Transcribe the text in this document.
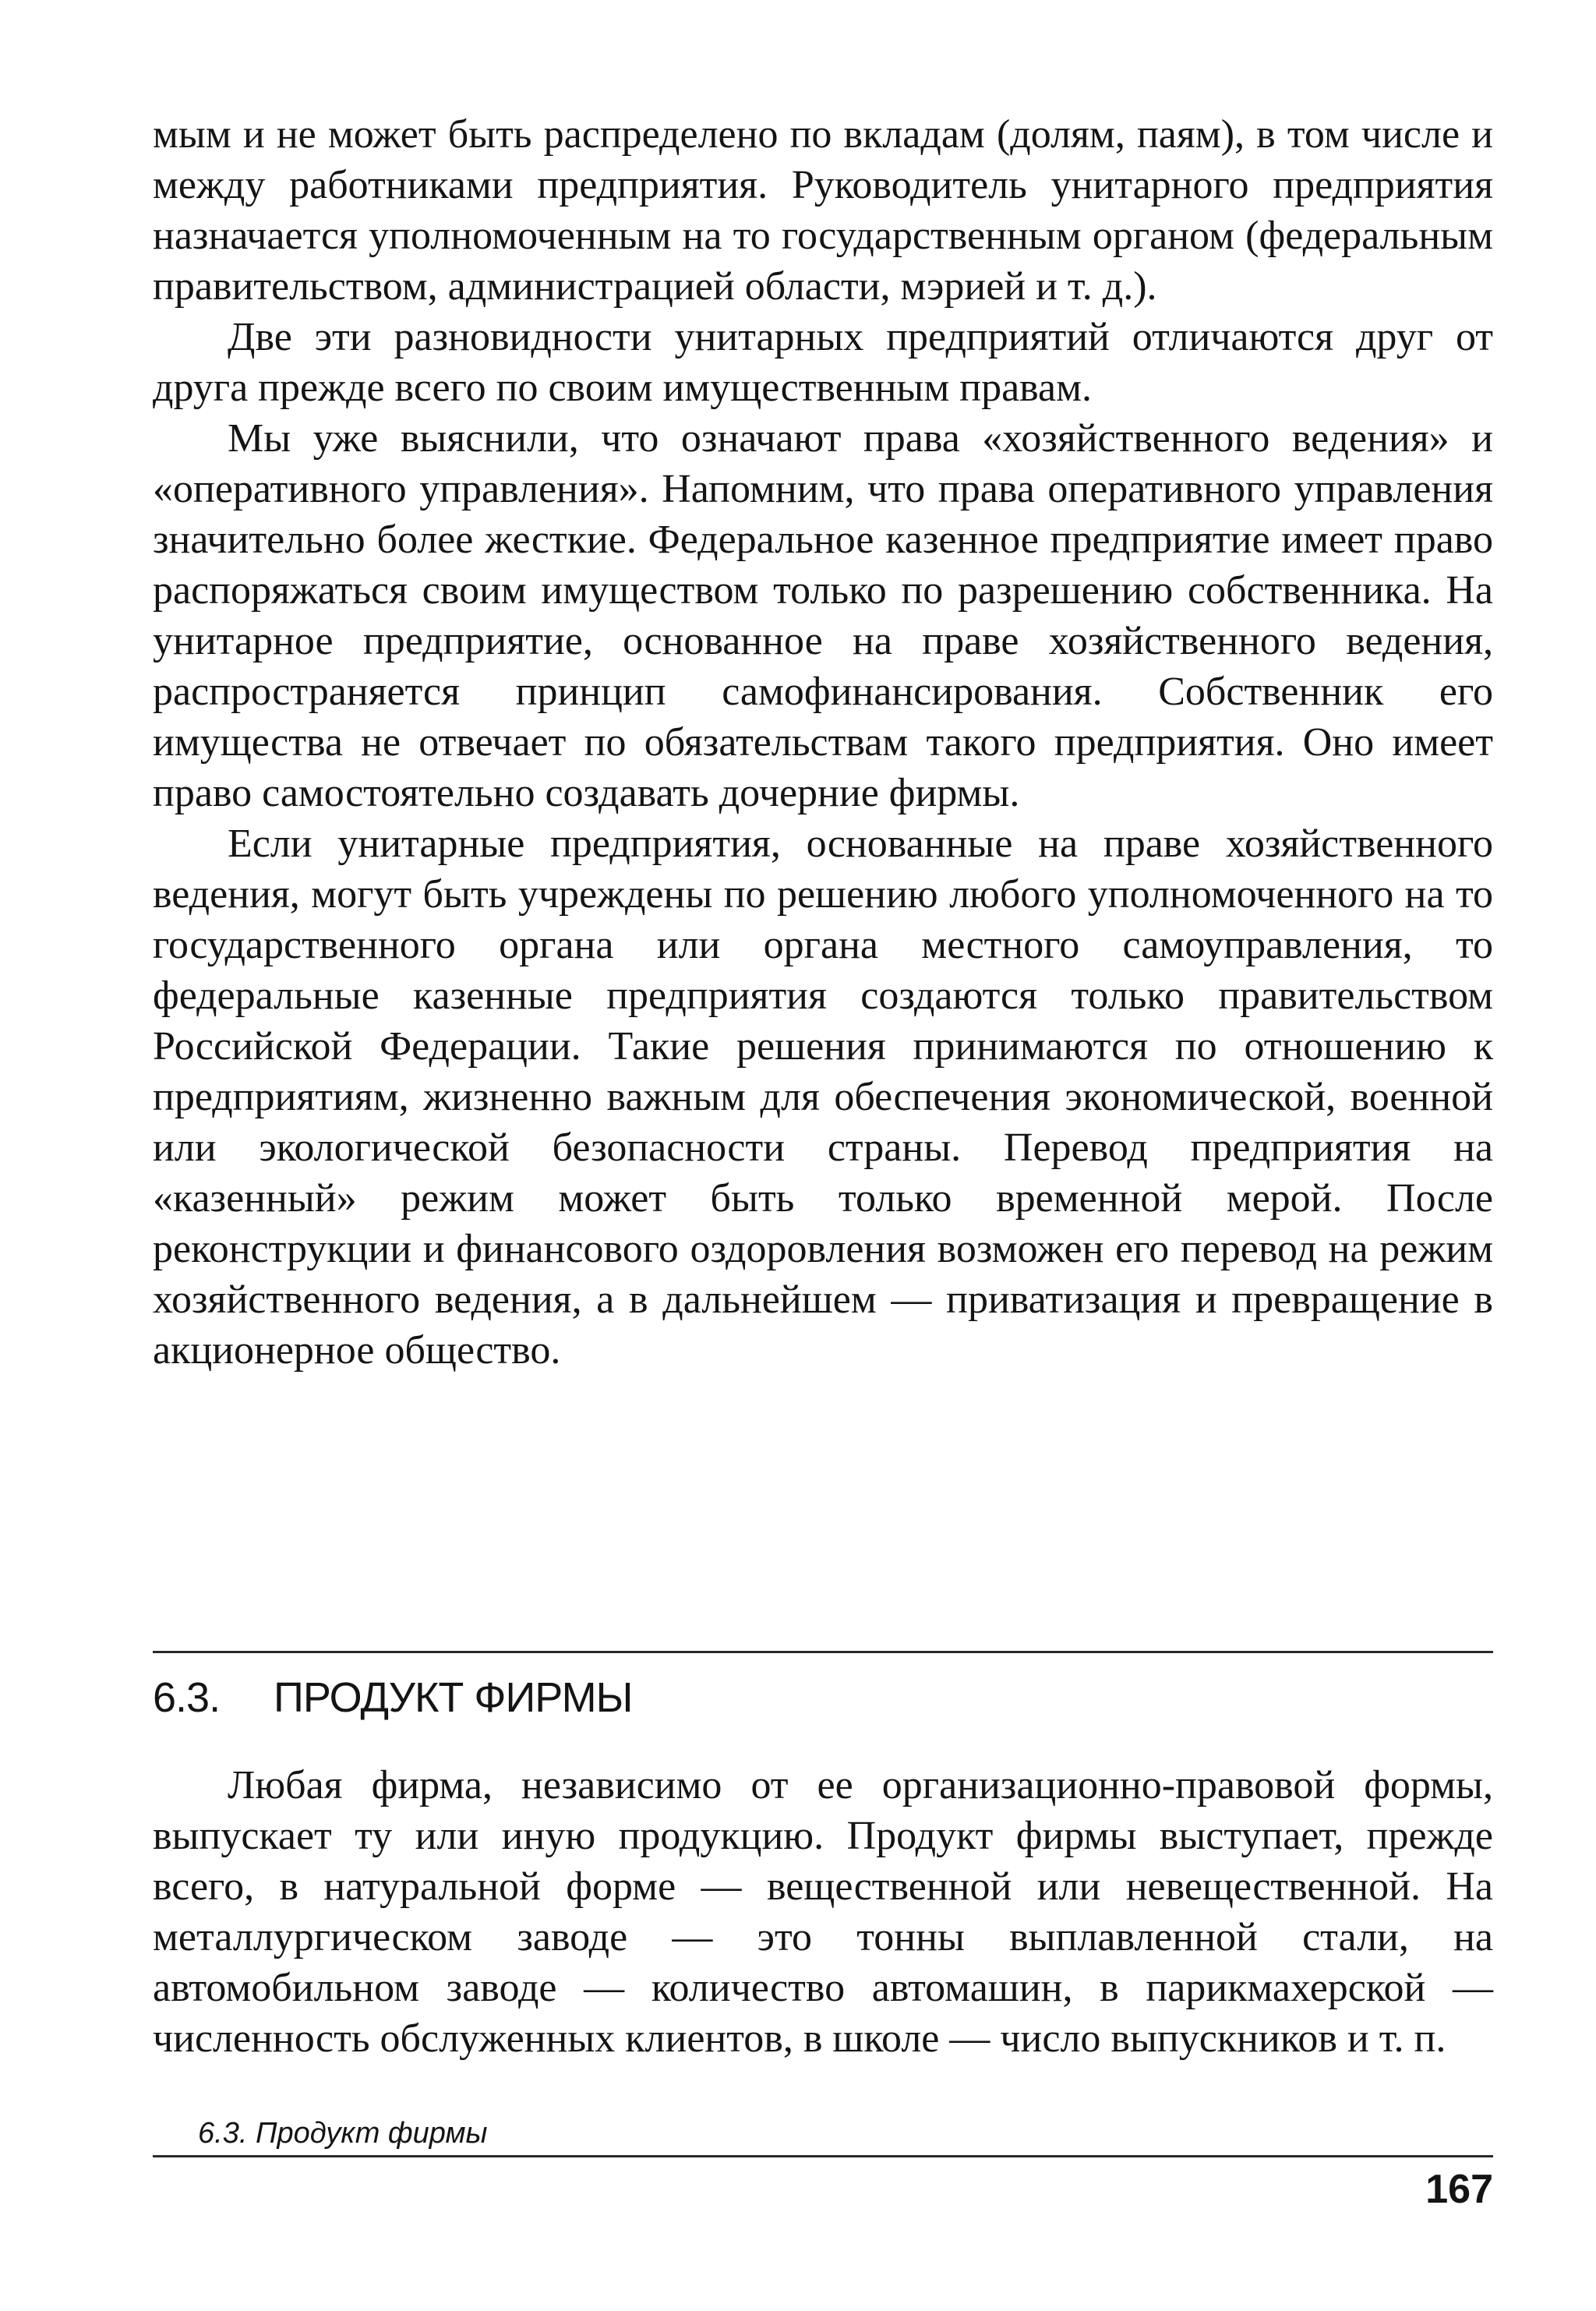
мым и не может быть распределено по вкладам (долям, паям), в том числе и между работниками предприятия. Руководитель унитарного предприятия назначается уполномоченным на то государственным органом (федеральным правительством, администрацией области, мэрией и т. д.).

Две эти разновидности унитарных предприятий отличаются друг от друга прежде всего по своим имущественным правам.

Мы уже выяснили, что означают права «хозяйственного ведения» и «оперативного управления». Напомним, что права оперативного управления значительно более жесткие. Федеральное казенное предприятие имеет право распоряжаться своим имуществом только по разрешению собственника. На унитарное предприятие, основанное на праве хозяйственного ведения, распространяется принцип самофинансирования. Собственник его имущества не отвечает по обязательствам такого предприятия. Оно имеет право самостоятельно создавать дочерние фирмы.

Если унитарные предприятия, основанные на праве хозяйственного ведения, могут быть учреждены по решению любого уполномоченного на то государственного органа или органа местного самоуправления, то федеральные казенные предприятия создаются только правительством Российской Федерации. Такие решения принимаются по отношению к предприятиям, жизненно важным для обеспечения экономической, военной или экологической безопасности страны. Перевод предприятия на «казенный» режим может быть только временной мерой. После реконструкции и финансового оздоровления возможен его перевод на режим хозяйственного ведения, а в дальнейшем — приватизация и превращение в акционерное общество.

6.3. ПРОДУКТ ФИРМЫ

Любая фирма, независимо от ее организационно-правовой формы, выпускает ту или иную продукцию. Продукт фирмы выступает, прежде всего, в натуральной форме — вещественной или невещественной. На металлургическом заводе — это тонны выплавленной стали, на автомобильном заводе — количество автомашин, в парикмахерской — численность обслуженных клиентов, в школе — число выпускников и т. п.

6.3. Продукт фирмы
167
